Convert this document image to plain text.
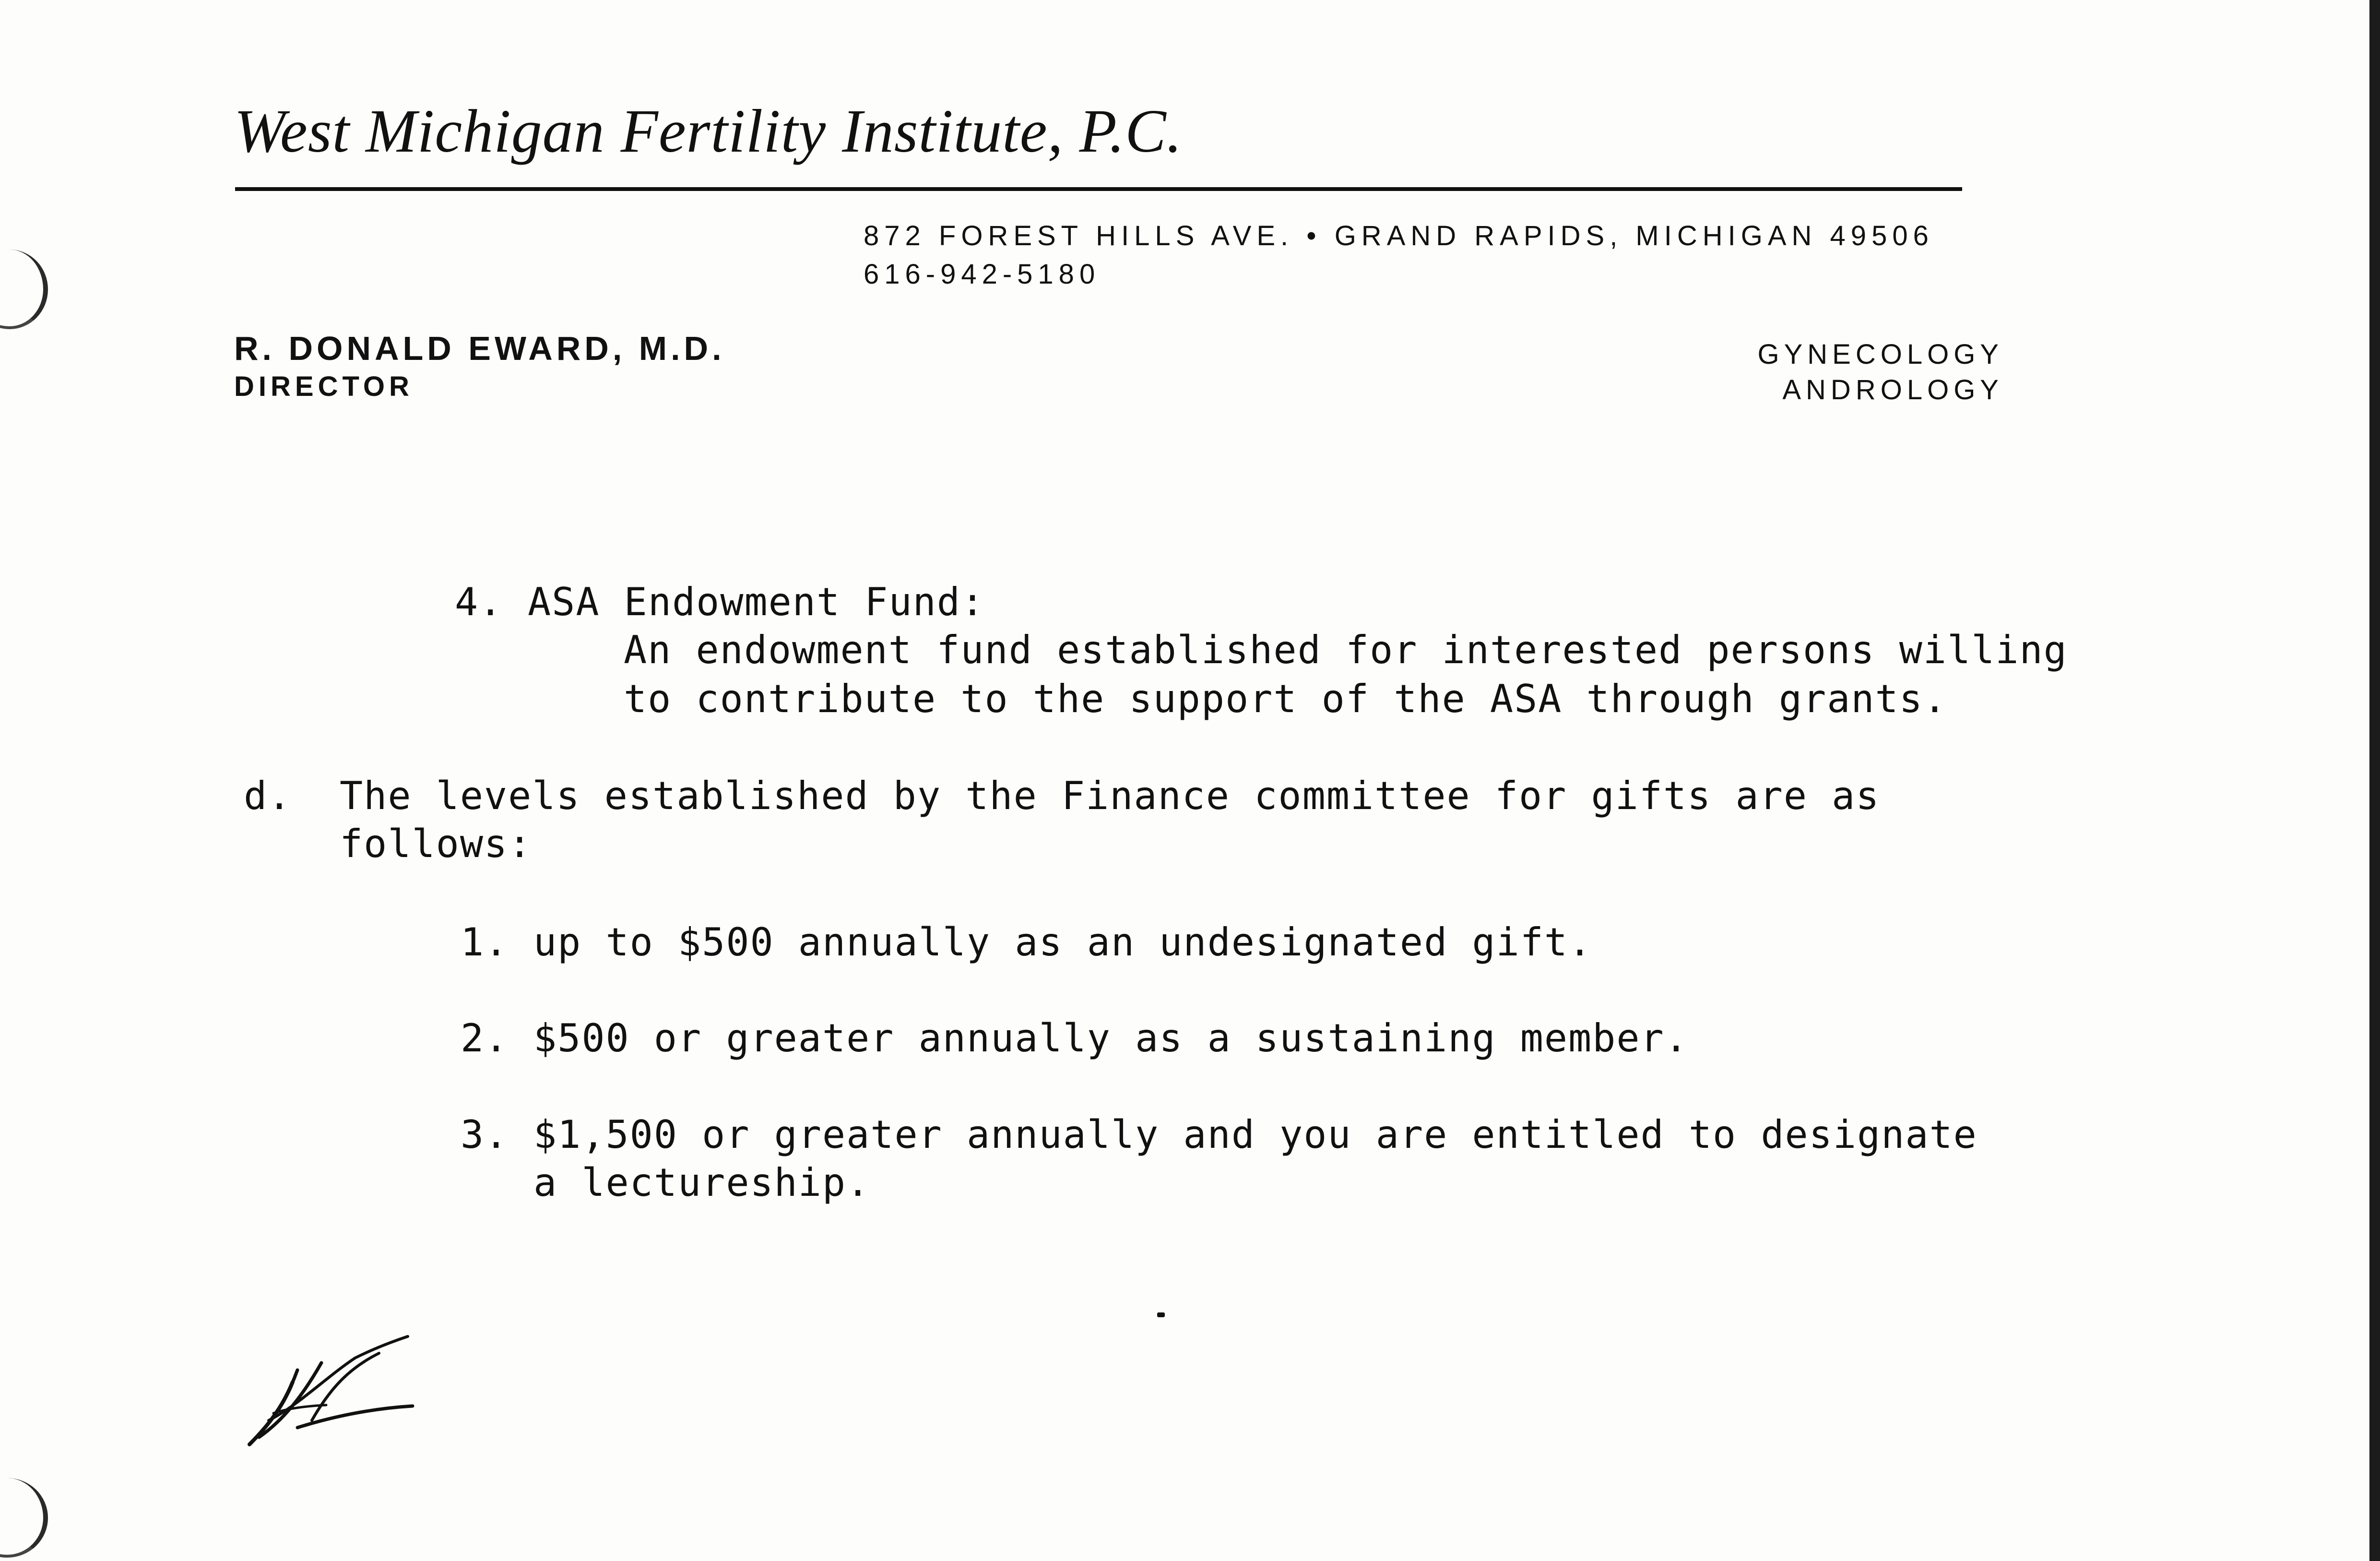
West Michigan Fertility Institute, P.C.
872 FOREST HILLS AVE. • GRAND RAPIDS, MICHIGAN 49506
616-942-5180
R. DONALD EWARD, M.D.
DIRECTOR
GYNECOLOGY
ANDROLOGY
4. ASA Endowment Fund:
An endowment fund established for interested persons willing
to contribute to the support of the ASA through grants.
d. The levels established by the Finance committee for gifts are as
follows:
1. up to $500 annually as an undesignated gift.
2. $500 or greater annually as a sustaining member.
3. $1,500 or greater annually and you are entitled to designate
a lectureship.
